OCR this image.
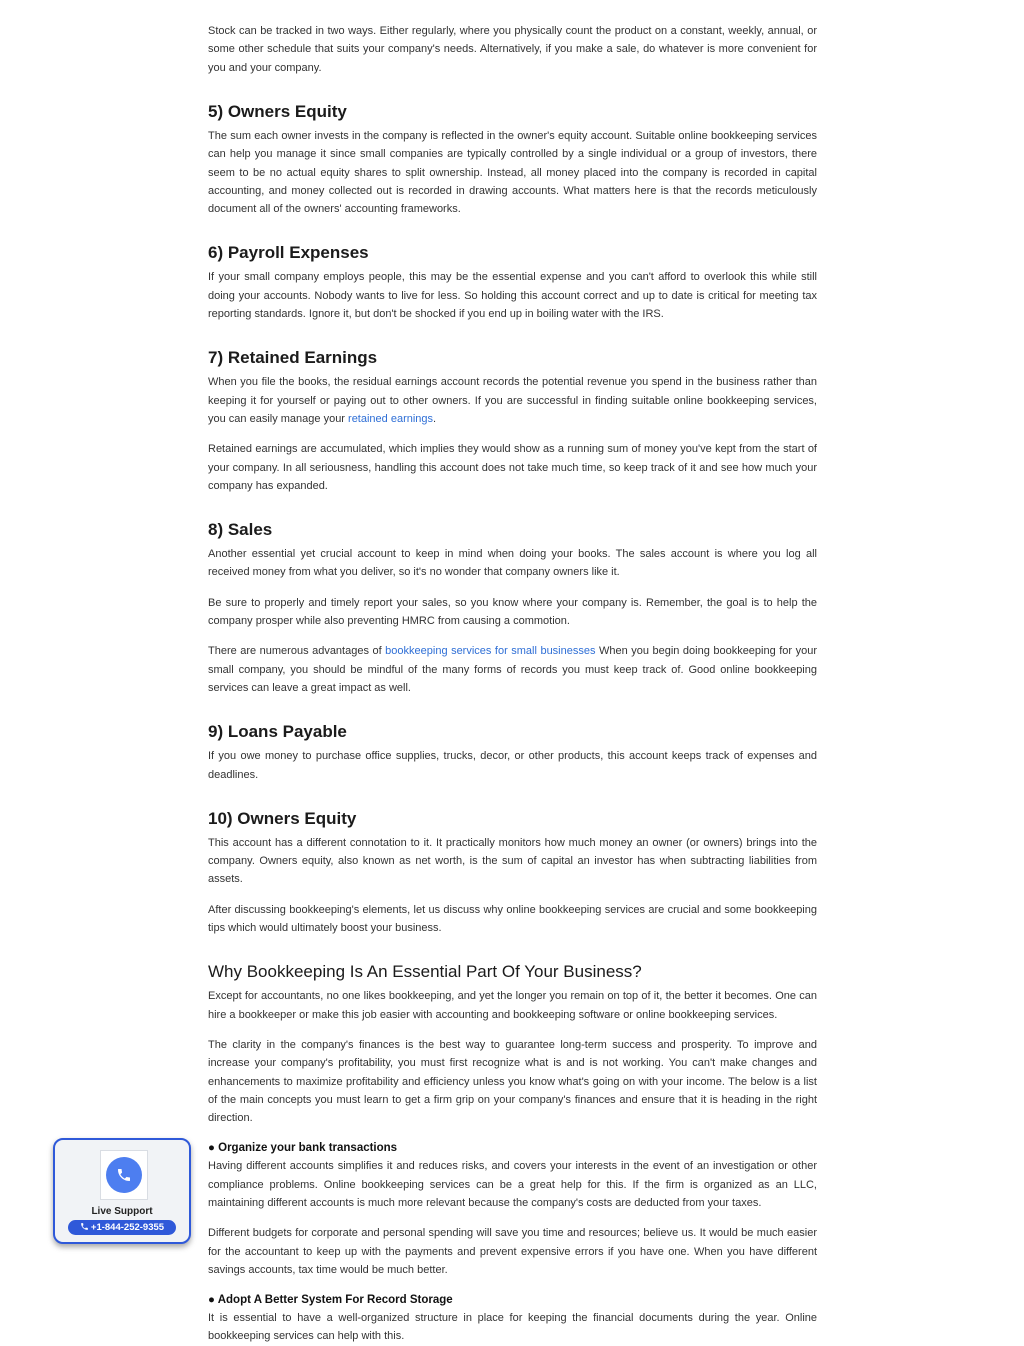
Stock can be tracked in two ways. Either regularly, where you physically count the product on a constant, weekly, annual, or some other schedule that suits your company's needs. Alternatively, if you make a sale, do whatever is more convenient for you and your company.

5) Owners Equity

The sum each owner invests in the company is reflected in the owner's equity account. Suitable online bookkeeping services can help you manage it since small companies are typically controlled by a single individual or a group of investors, there seem to be no actual equity shares to split ownership. Instead, all money placed into the company is recorded in capital accounting, and money collected out is recorded in drawing accounts. What matters here is that the records meticulously document all of the owners' accounting frameworks.

6) Payroll Expenses

If your small company employs people, this may be the essential expense and you can't afford to overlook this while still doing your accounts. Nobody wants to live for less. So holding this account correct and up to date is critical for meeting tax reporting standards. Ignore it, but don't be shocked if you end up in boiling water with the IRS.

7) Retained Earnings

When you file the books, the residual earnings account records the potential revenue you spend in the business rather than keeping it for yourself or paying out to other owners. If you are successful in finding suitable online bookkeeping services, you can easily manage your retained earnings.

Retained earnings are accumulated, which implies they would show as a running sum of money you've kept from the start of your company. In all seriousness, handling this account does not take much time, so keep track of it and see how much your company has expanded.

8) Sales

Another essential yet crucial account to keep in mind when doing your books. The sales account is where you log all received money from what you deliver, so it's no wonder that company owners like it.

Be sure to properly and timely report your sales, so you know where your company is. Remember, the goal is to help the company prosper while also preventing HMRC from causing a commotion.

There are numerous advantages of bookkeeping services for small businesses When you begin doing bookkeeping for your small company, you should be mindful of the many forms of records you must keep track of. Good online bookkeeping services can leave a great impact as well.

9) Loans Payable

If you owe money to purchase office supplies, trucks, decor, or other products, this account keeps track of expenses and deadlines.

10) Owners Equity

This account has a different connotation to it. It practically monitors how much money an owner (or owners) brings into the company. Owners equity, also known as net worth, is the sum of capital an investor has when subtracting liabilities from assets.

After discussing bookkeeping's elements, let us discuss why online bookkeeping services are crucial and some bookkeeping tips which would ultimately boost your business.

Why Bookkeeping Is An Essential Part Of Your Business?

Except for accountants, no one likes bookkeeping, and yet the longer you remain on top of it, the better it becomes. One can hire a bookkeeper or make this job easier with accounting and bookkeeping software or online bookkeeping services.

The clarity in the company's finances is the best way to guarantee long-term success and prosperity. To improve and increase your company's profitability, you must first recognize what is and is not working. You can't make changes and enhancements to maximize profitability and efficiency unless you know what's going on with your income. The below is a list of the main concepts you must learn to get a firm grip on your company's finances and ensure that it is heading in the right direction.

● Organize your bank transactions

Having different accounts simplifies it and reduces risks, and covers your interests in the event of an investigation or other compliance problems. Online bookkeeping services can be a great help for this. If the firm is organized as an LLC, maintaining different accounts is much more relevant because the company's costs are deducted from your taxes.

Different budgets for corporate and personal spending will save you time and resources; believe us. It would be much easier for the accountant to keep up with the payments and prevent expensive errors if you have one. When you have different savings accounts, tax time would be much better.

● Adopt A Better System For Record Storage

It is essential to have a well-organized structure in place for keeping the financial documents during the year. Online bookkeeping services can help with this.

Live Support
+1-844-252-9355
